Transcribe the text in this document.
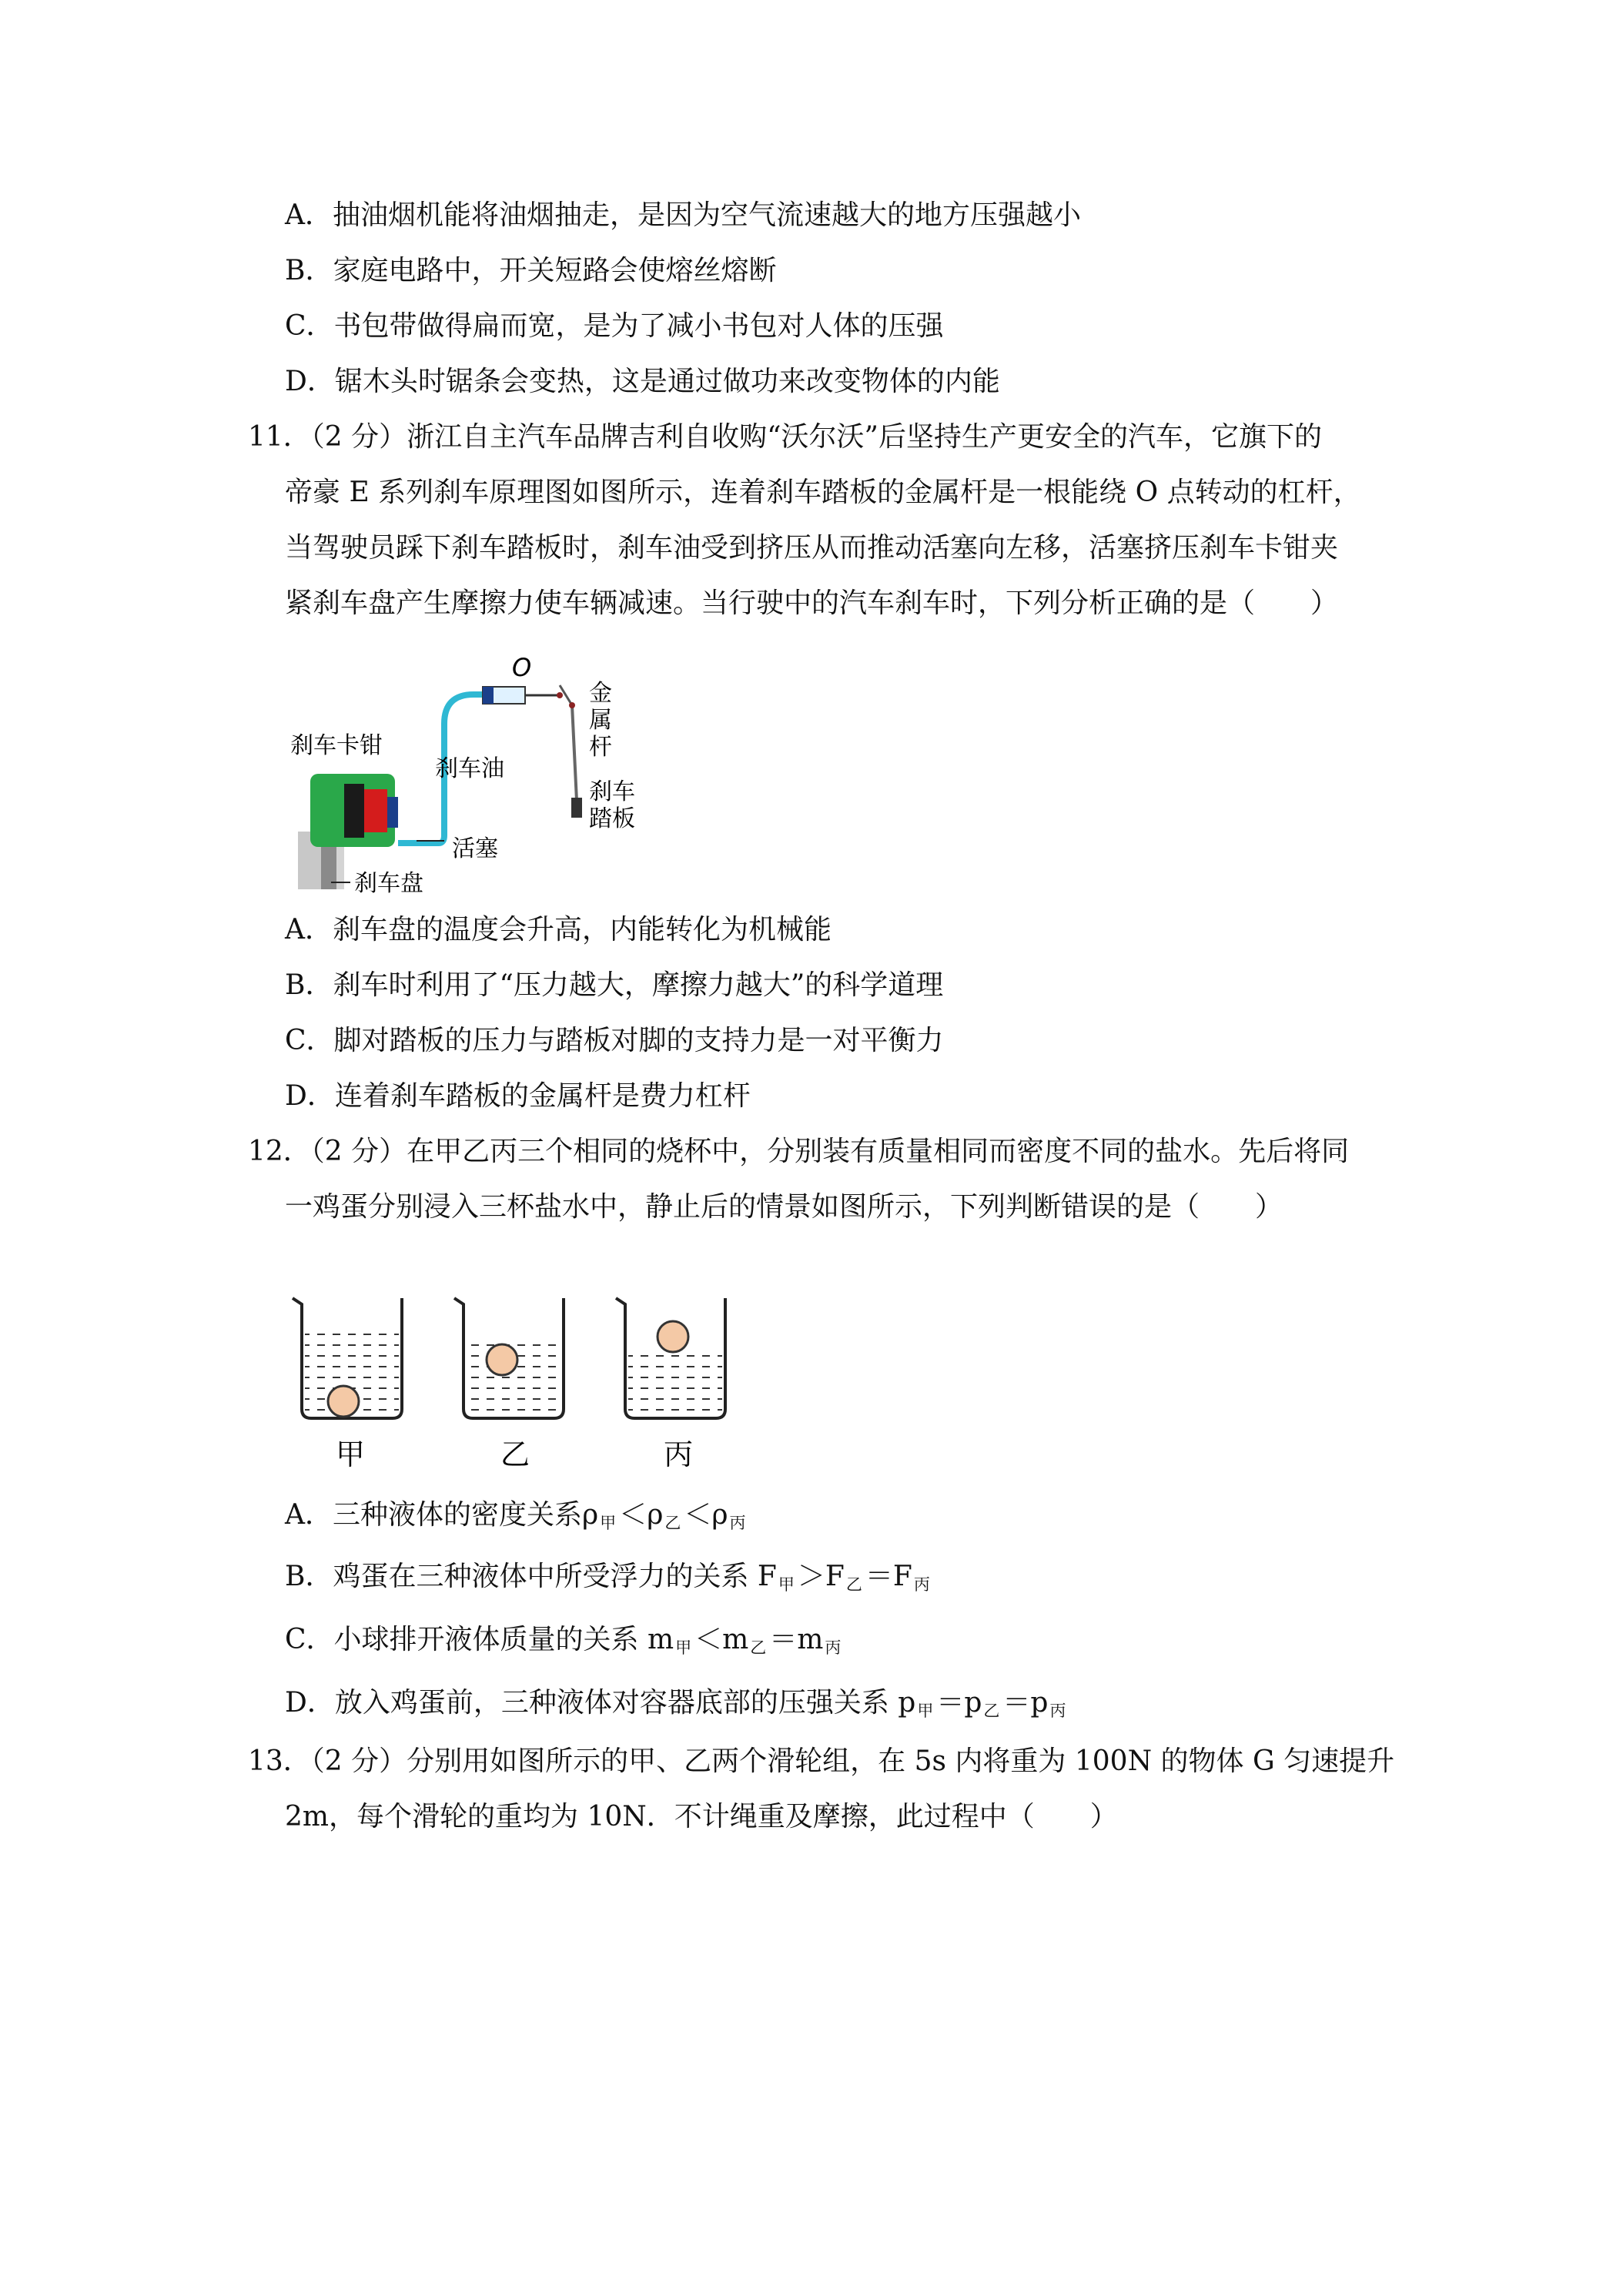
A．抽油烟机能将油烟抽走，是因为空气流速越大的地方压强越小
B．家庭电路中，开关短路会使熔丝熔断
C．书包带做得扁而宽，是为了减小书包对人体的压强
D．锯木头时锯条会变热，这是通过做功来改变物体的内能
11．（2 分）浙江自主汽车品牌吉利自收购“沃尔沃”后坚持生产更安全的汽车，它旗下的
帝豪 E 系列刹车原理图如图所示，连着刹车踏板的金属杆是一根能绕 O 点转动的杠杆，
当驾驶员踩下刹车踏板时，刹车油受到挤压从而推动活塞向左移，活塞挤压刹车卡钳夹
紧刹车盘产生摩擦力使车辆减速。当行驶中的汽车刹车时，下列分析正确的是（　　）
O
刹车卡钳
刹车油
金
属
杆
刹车
踏板
活塞
刹车盘
A．刹车盘的温度会升高，内能转化为机械能
B．刹车时利用了“压力越大，摩擦力越大”的科学道理
C．脚对踏板的压力与踏板对脚的支持力是一对平衡力
D．连着刹车踏板的金属杆是费力杠杆
12．（2 分）在甲乙丙三个相同的烧杯中，分别装有质量相同而密度不同的盐水。先后将同
一鸡蛋分别浸入三杯盐水中，静止后的情景如图所示，下列判断错误的是（　　）
甲	乙	丙
A．三种液体的密度关系$\rho_甲 <\rho_乙 <\rho_丙$
B．鸡蛋在三种液体中所受浮力的关系 $F_甲 >F_乙 =F_丙$
C．小球排开液体质量的关系 $m_甲 <m_乙 =m_丙$
D．放入鸡蛋前，三种液体对容器底部的压强关系 $p_甲 =p_乙 =p_丙$
13．（2 分）分别用如图所示的甲、乙两个滑轮组，在 5s 内将重为 100N 的物体 G 匀速提升
2m，每个滑轮的重均为 10N．不计绳重及摩擦，此过程中（　　）
